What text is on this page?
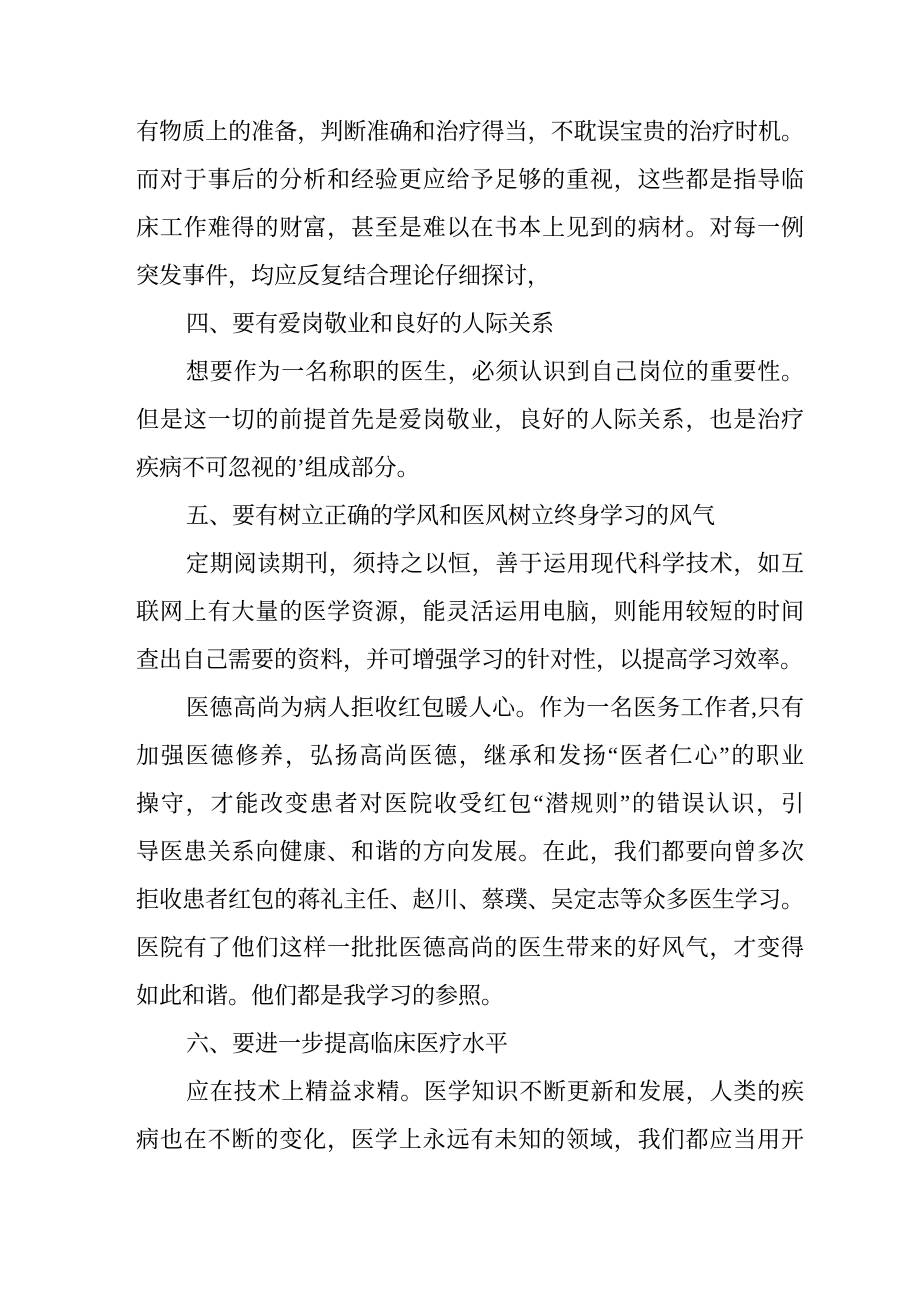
有物质上的准备，判断准确和治疗得当，不耽误宝贵的治疗时机。
而对于事后的分析和经验更应给予足够的重视，这些都是指导临
床工作难得的财富，甚至是难以在书本上见到的病材。对每一例
突发事件，均应反复结合理论仔细探讨，
四、要有爱岗敬业和良好的人际关系
想要作为一名称职的医生，必须认识到自己岗位的重要性。
但是这一切的前提首先是爱岗敬业，良好的人际关系，也是治疗
疾病不可忽视的’组成部分。
五、要有树立正确的学风和医风树立终身学习的风气
定期阅读期刊，须持之以恒，善于运用现代科学技术，如互
联网上有大量的医学资源，能灵活运用电脑，则能用较短的时间
查出自己需要的资料，并可增强学习的针对性，以提高学习效率。
医德高尚为病人拒收红包暖人心。作为一名医务工作者,只有
加强医德修养，弘扬高尚医德，继承和发扬“医者仁心”的职业
操守，才能改变患者对医院收受红包“潜规则”的错误认识，引
导医患关系向健康、和谐的方向发展。在此，我们都要向曾多次
拒收患者红包的蒋礼主任、赵川、蔡璞、吴定志等众多医生学习。
医院有了他们这样一批批医德高尚的医生带来的好风气，才变得
如此和谐。他们都是我学习的参照。
六、要进一步提高临床医疗水平
应在技术上精益求精。医学知识不断更新和发展，人类的疾
病也在不断的变化，医学上永远有未知的领域，我们都应当用开
